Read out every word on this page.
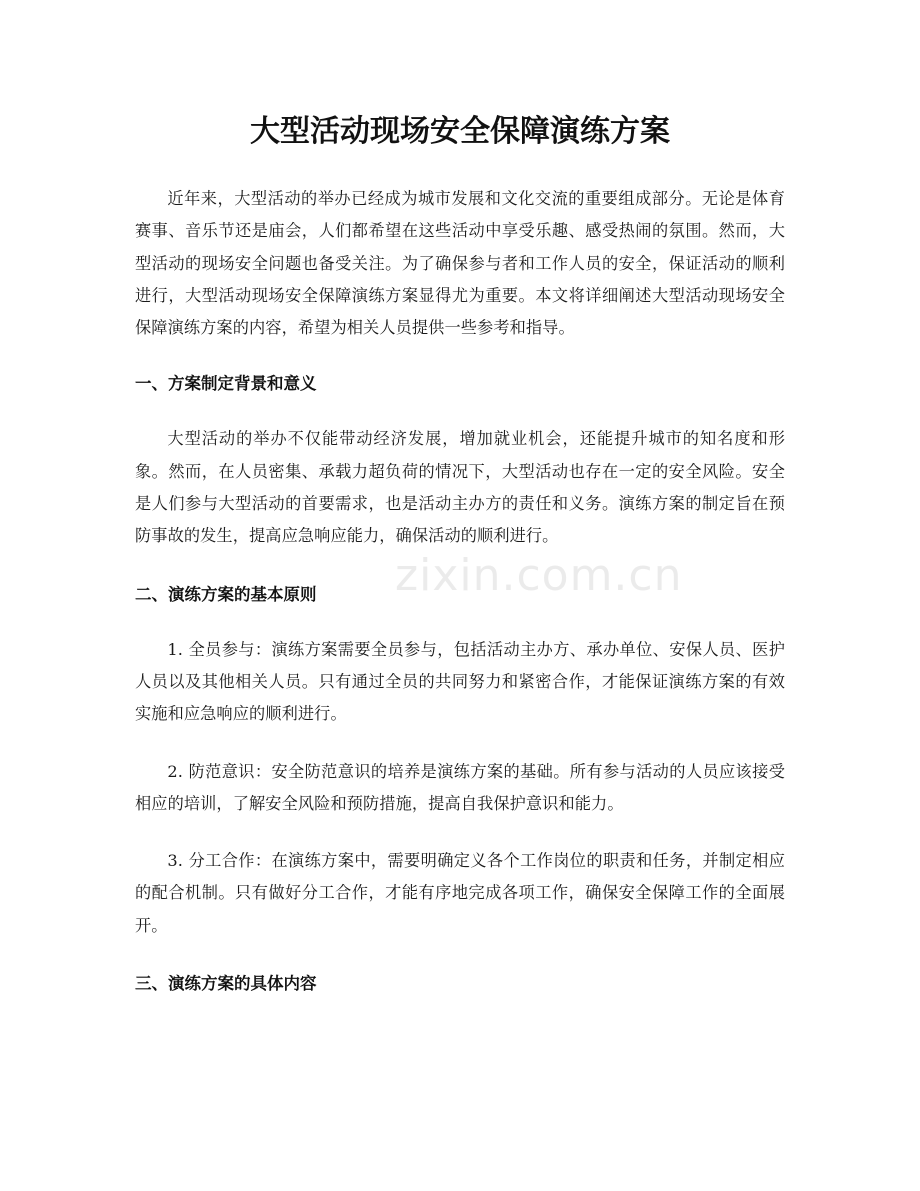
大型活动现场安全保障演练方案

近年来，大型活动的举办已经成为城市发展和文化交流的重要组成部分。无论是体育赛事、音乐节还是庙会，人们都希望在这些活动中享受乐趣、感受热闹的氛围。然而，大型活动的现场安全问题也备受关注。为了确保参与者和工作人员的安全，保证活动的顺利进行，大型活动现场安全保障演练方案显得尤为重要。本文将详细阐述大型活动现场安全保障演练方案的内容，希望为相关人员提供一些参考和指导。

一、方案制定背景和意义

大型活动的举办不仅能带动经济发展，增加就业机会，还能提升城市的知名度和形象。然而，在人员密集、承载力超负荷的情况下，大型活动也存在一定的安全风险。安全是人们参与大型活动的首要需求，也是活动主办方的责任和义务。演练方案的制定旨在预防事故的发生，提高应急响应能力，确保活动的顺利进行。

二、演练方案的基本原则

1. 全员参与：演练方案需要全员参与，包括活动主办方、承办单位、安保人员、医护人员以及其他相关人员。只有通过全员的共同努力和紧密合作，才能保证演练方案的有效实施和应急响应的顺利进行。

2. 防范意识：安全防范意识的培养是演练方案的基础。所有参与活动的人员应该接受相应的培训，了解安全风险和预防措施，提高自我保护意识和能力。

3. 分工合作：在演练方案中，需要明确定义各个工作岗位的职责和任务，并制定相应的配合机制。只有做好分工合作，才能有序地完成各项工作，确保安全保障工作的全面展开。

三、演练方案的具体内容
zixin.com.cn
